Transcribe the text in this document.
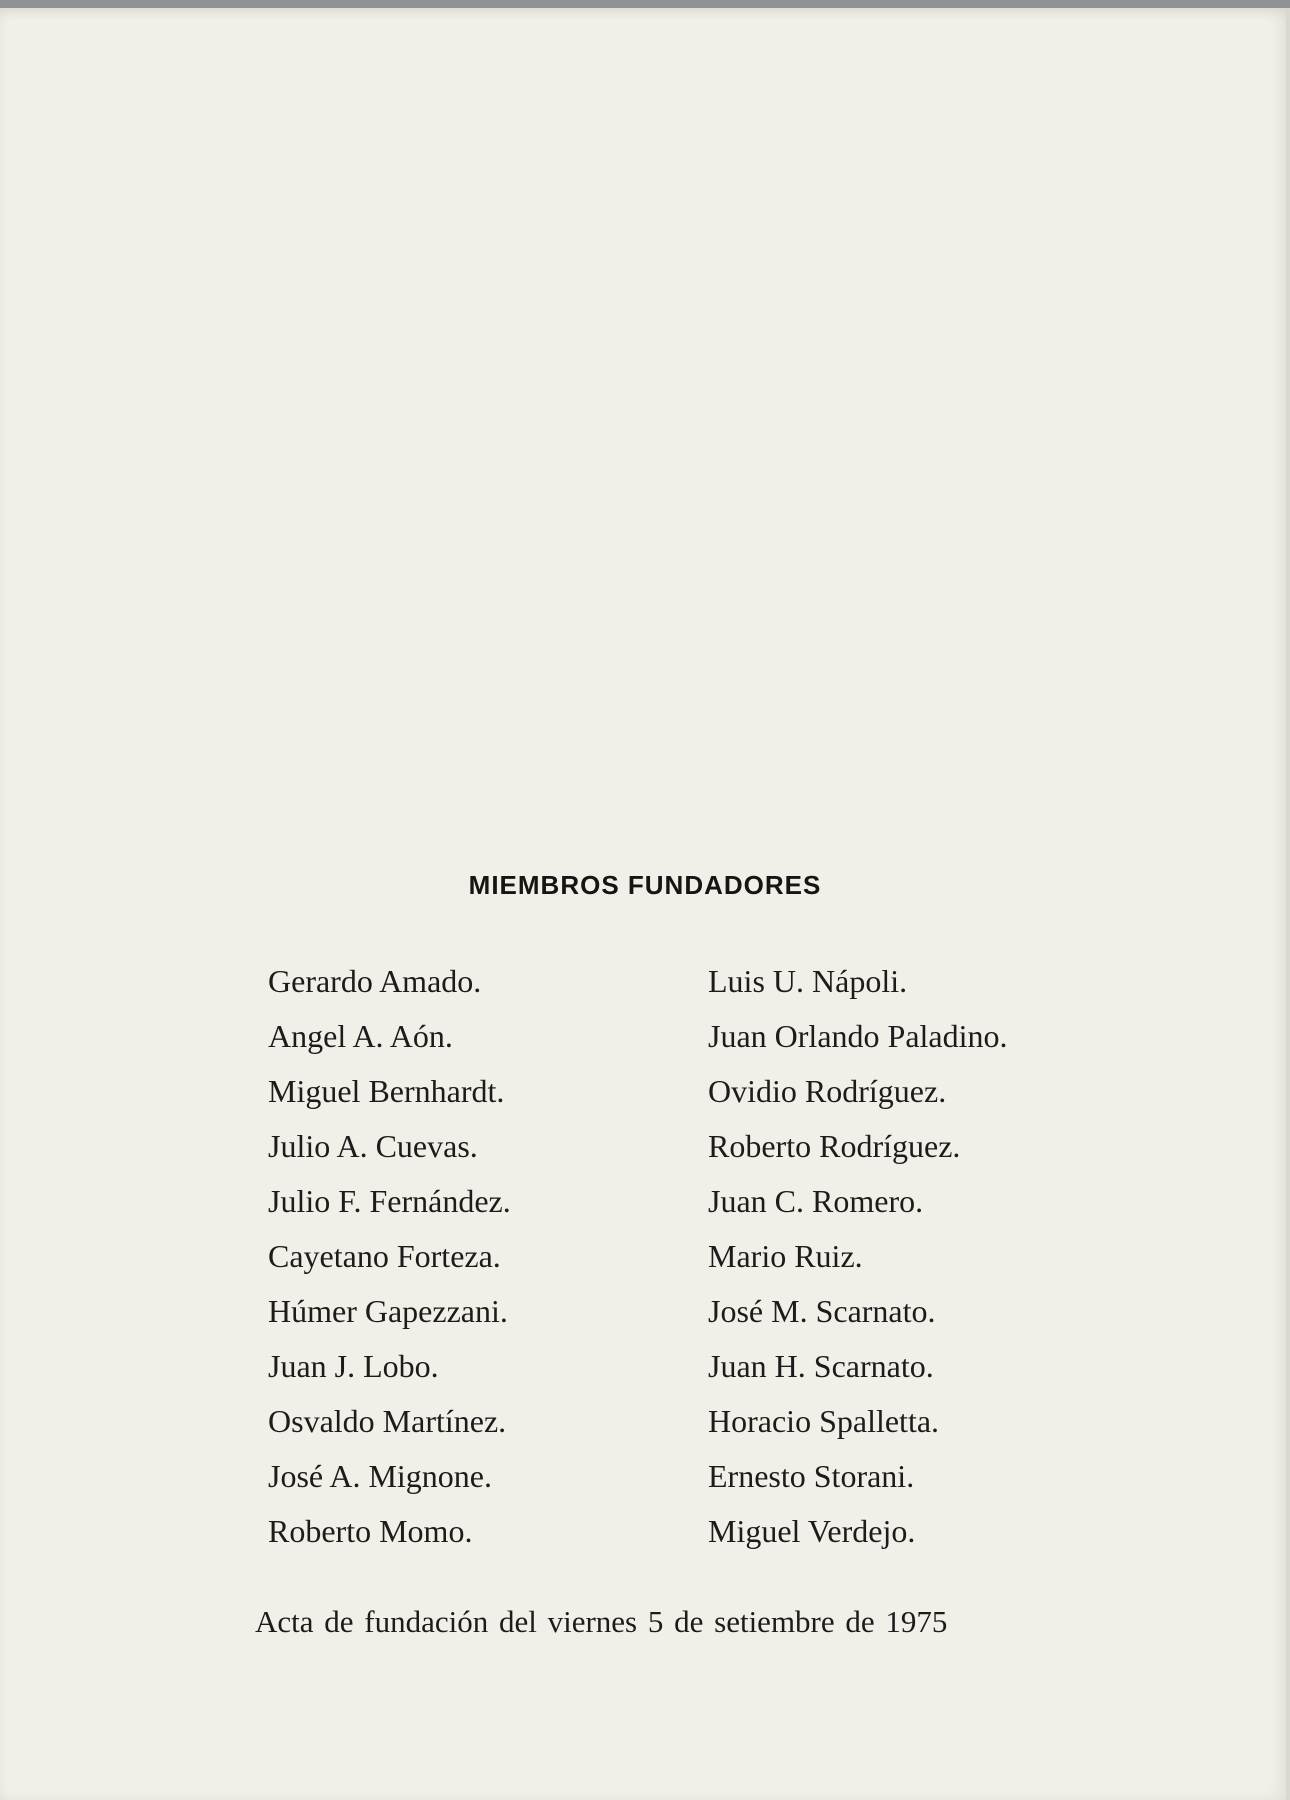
MIEMBROS FUNDADORES
Gerardo Amado.
Angel A. Aón.
Miguel Bernhardt.
Julio A. Cuevas.
Julio F. Fernández.
Cayetano Forteza.
Húmer Gapezzani.
Juan J. Lobo.
Osvaldo Martínez.
José A. Mignone.
Roberto Momo.
Luis U. Nápoli.
Juan Orlando Paladino.
Ovidio Rodríguez.
Roberto Rodríguez.
Juan C. Romero.
Mario Ruiz.
José M. Scarnato.
Juan H. Scarnato.
Horacio Spalletta.
Ernesto Storani.
Miguel Verdejo.
Acta de fundación del viernes 5 de setiembre de 1975
